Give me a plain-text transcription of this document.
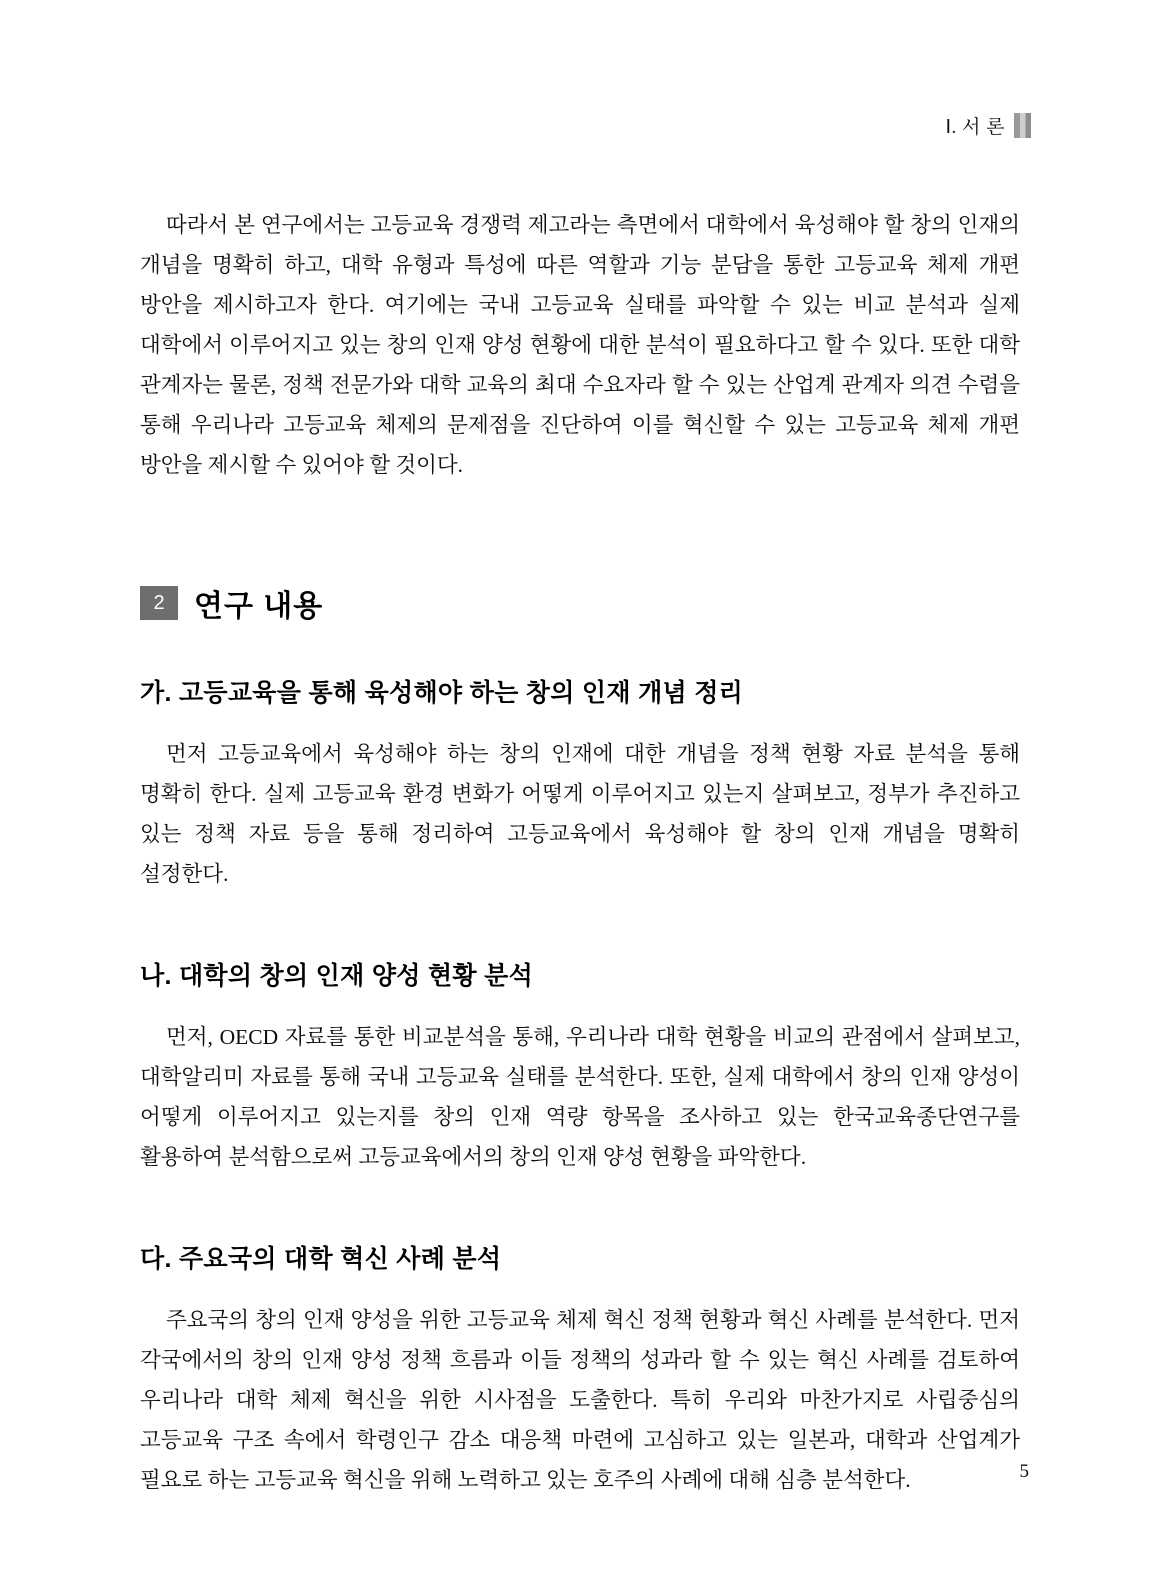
Ⅰ. 서 론

따라서 본 연구에서는 고등교육 경쟁력 제고라는 측면에서 대학에서 육성해야 할 창의 인재의 개념을 명확히 하고, 대학 유형과 특성에 따른 역할과 기능 분담을 통한 고등교육 체제 개편 방안을 제시하고자 한다. 여기에는 국내 고등교육 실태를 파악할 수 있는 비교 분석과 실제 대학에서 이루어지고 있는 창의 인재 양성 현황에 대한 분석이 필요하다고 할 수 있다. 또한 대학 관계자는 물론, 정책 전문가와 대학 교육의 최대 수요자라 할 수 있는 산업계 관계자 의견 수렴을 통해 우리나라 고등교육 체제의 문제점을 진단하여 이를 혁신할 수 있는 고등교육 체제 개편 방안을 제시할 수 있어야 할 것이다.

2 연구 내용
가. 고등교육을 통해 육성해야 하는 창의 인재 개념 정리

먼저 고등교육에서 육성해야 하는 창의 인재에 대한 개념을 정책 현황 자료 분석을 통해 명확히 한다. 실제 고등교육 환경 변화가 어떻게 이루어지고 있는지 살펴보고, 정부가 추진하고 있는 정책 자료 등을 통해 정리하여 고등교육에서 육성해야 할 창의 인재 개념을 명확히 설정한다.

나. 대학의 창의 인재 양성 현황 분석

먼저, OECD 자료를 통한 비교분석을 통해, 우리나라 대학 현황을 비교의 관점에서 살펴보고, 대학알리미 자료를 통해 국내 고등교육 실태를 분석한다. 또한, 실제 대학에서 창의 인재 양성이 어떻게 이루어지고 있는지를 창의 인재 역량 항목을 조사하고 있는 한국교육종단연구를 활용하여 분석함으로써 고등교육에서의 창의 인재 양성 현황을 파악한다.

다. 주요국의 대학 혁신 사례 분석

주요국의 창의 인재 양성을 위한 고등교육 체제 혁신 정책 현황과 혁신 사례를 분석한다. 먼저 각국에서의 창의 인재 양성 정책 흐름과 이들 정책의 성과라 할 수 있는 혁신 사례를 검토하여 우리나라 대학 체제 혁신을 위한 시사점을 도출한다. 특히 우리와 마찬가지로 사립중심의 고등교육 구조 속에서 학령인구 감소 대응책 마련에 고심하고 있는 일본과, 대학과 산업계가 필요로 하는 고등교육 혁신을 위해 노력하고 있는 호주의 사례에 대해 심층 분석한다.	5
